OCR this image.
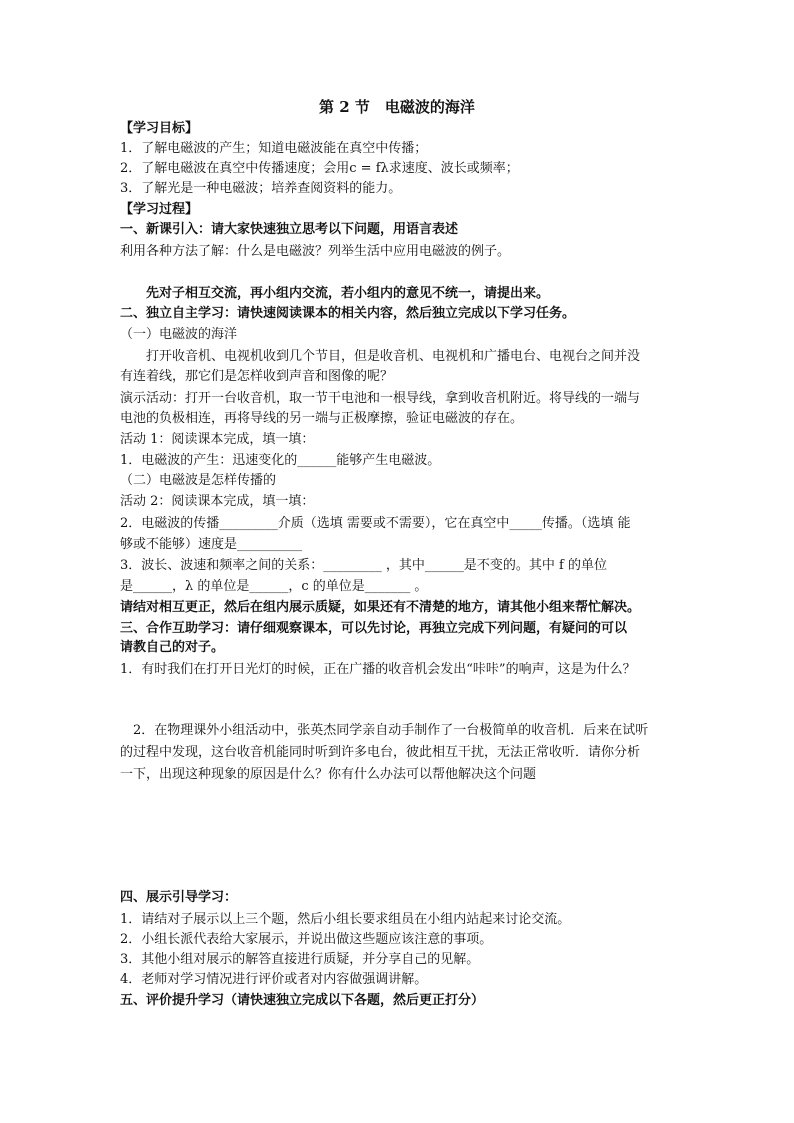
第 2 节　电磁波的海洋
【学习目标】
1．了解电磁波的产生；知道电磁波能在真空中传播；
2．了解电磁波在真空中传播速度；会用c = fλ求速度、波长或频率；
3．了解光是一种电磁波；培养查阅资料的能力。
【学习过程】
一、新课引入：请大家快速独立思考以下问题，用语言表述
利用各种方法了解：什么是电磁波？列举生活中应用电磁波的例子。
　　先对子相互交流，再小组内交流，若小组内的意见不统一，请提出来。
二、独立自主学习：请快速阅读课本的相关内容，然后独立完成以下学习任务。
（一）电磁波的海洋
　　打开收音机、电视机收到几个节目，但是收音机、电视机和广播电台、电视台之间并没
有连着线，那它们是怎样收到声音和图像的呢？
演示活动：打开一台收音机，取一节干电池和一根导线，拿到收音机附近。将导线的一端与
电池的负极相连，再将导线的另一端与正极摩擦，验证电磁波的存在。
活动 1：阅读课本完成，填一填：
1．电磁波的产生：迅速变化的______能够产生电磁波。
（二）电磁波是怎样传播的
活动 2：阅读课本完成，填一填：
2．电磁波的传播_________介质（选填 需要或不需要），它在真空中_____传播。（选填 能
够或不能够）速度是__________
3．波长、波速和频率之间的关系：_________ ，其中______是不变的。其中 f 的单位
是______，λ 的单位是______，c 的单位是_______ 。
请结对相互更正，然后在组内展示质疑，如果还有不清楚的地方，请其他小组来帮忙解决。
三、合作互助学习：请仔细观察课本，可以先讨论，再独立完成下列问题，有疑问的可以
请教自己的对子。
1．有时我们在打开日光灯的时候，正在广播的收音机会发出“咔咔”的响声，这是为什么？
　2．在物理课外小组活动中，张英杰同学亲自动手制作了一台极简单的收音机．后来在试听
的过程中发现，这台收音机能同时听到许多电台，彼此相互干扰，无法正常收听．请你分析
一下，出现这种现象的原因是什么？你有什么办法可以帮他解决这个问题
四、展示引导学习：
1．请结对子展示以上三个题，然后小组长要求组员在小组内站起来讨论交流。
2．小组长派代表给大家展示，并说出做这些题应该注意的事项。
3．其他小组对展示的解答直接进行质疑，并分享自己的见解。
4．老师对学习情况进行评价或者对内容做强调讲解。
五、评价提升学习（请快速独立完成以下各题，然后更正打分）
